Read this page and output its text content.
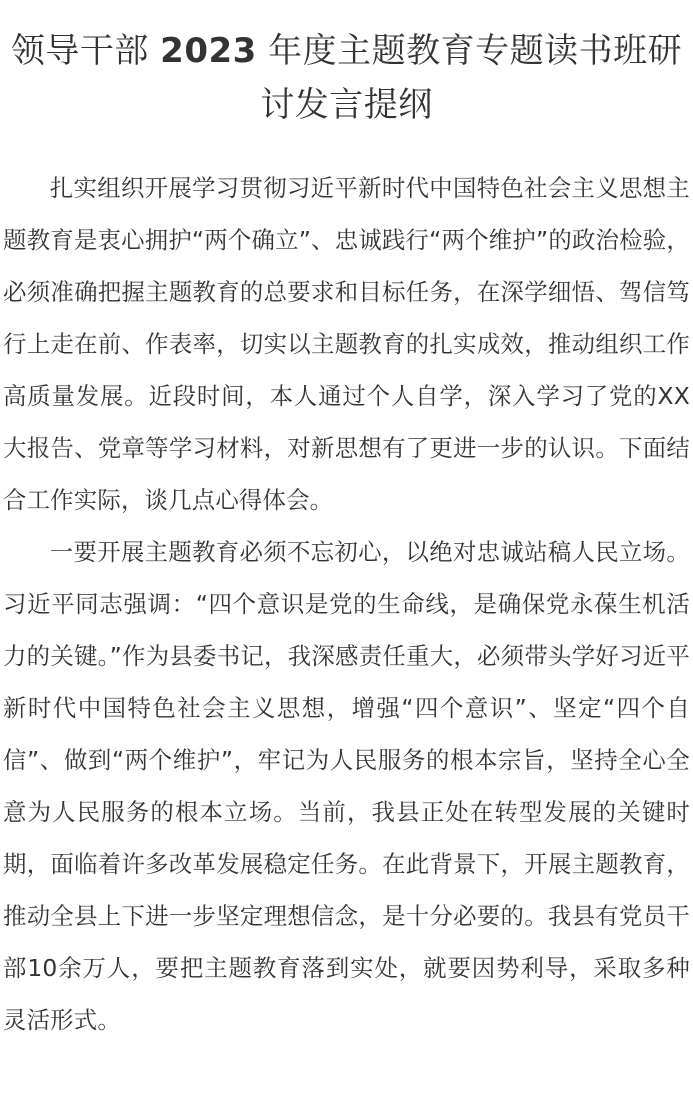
领导干部 2023 年度主题教育专题读书班研讨发言提纲

扎实组织开展学习贯彻习近平新时代中国特色社会主义思想主题教育是衷心拥护“两个确立”、忠诚践行“两个维护”的政治检验，必须准确把握主题教育的总要求和目标任务，在深学细悟、驾信笃行上走在前、作表率，切实以主题教育的扎实成效，推动组织工作高质量发展。近段时间，本人通过个人自学，深入学习了党的XX大报告、党章等学习材料，对新思想有了更进一步的认识。下面结合工作实际，谈几点心得体会。

一要开展主题教育必须不忘初心，以绝对忠诚站稿人民立场。习近平同志强调：“四个意识是党的生命线，是确保党永葆生机活力的关键。”作为县委书记，我深感责任重大，必须带头学好习近平新时代中国特色社会主义思想，增强“四个意识”、坚定“四个自信”、做到“两个维护”，牢记为人民服务的根本宗旨，坚持全心全意为人民服务的根本立场。当前，我县正处在转型发展的关键时期，面临着许多改革发展稳定任务。在此背景下，开展主题教育，推动全县上下进一步坚定理想信念，是十分必要的。我县有党员干部10余万人，要把主题教育落到实处，就要因势利导，采取多种灵活形式。
